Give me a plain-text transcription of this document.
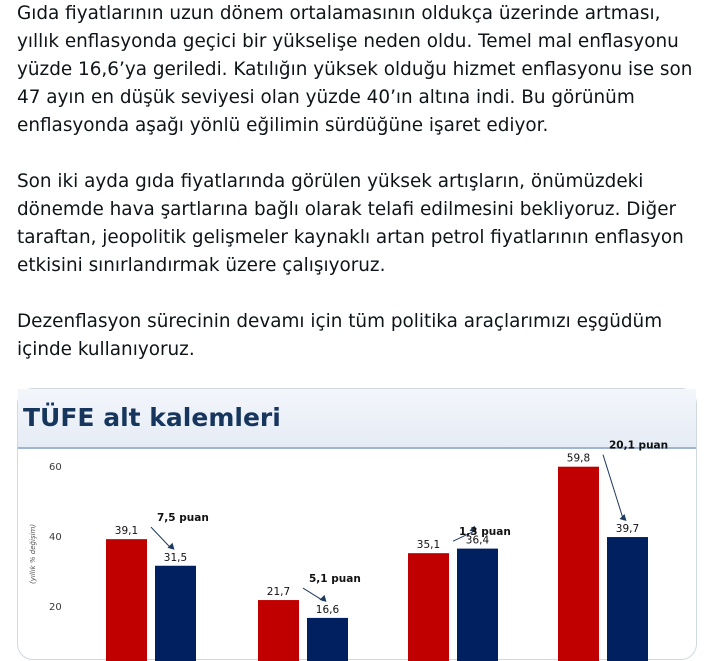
Gıda fiyatlarının uzun dönem ortalamasının oldukça üzerinde artması, yıllık enflasyonda geçici bir yükselişe neden oldu. Temel mal enflasyonu yüzde 16,6’ya geriledi. Katılığın yüksek olduğu hizmet enflasyonu ise son 47 ayın en düşük seviyesi olan yüzde 40’ın altına indi. Bu görünüm enflasyonda aşağı yönlü eğilimin sürdüğüne işaret ediyor.

Son iki ayda gıda fiyatlarında görülen yüksek artışların, önümüzdeki dönemde hava şartlarına bağlı olarak telafi edilmesini bekliyoruz. Diğer taraftan, jeopolitik gelişmeler kaynaklı artan petrol fiyatlarının enflasyon etkisini sınırlandırmak üzere çalışıyoruz.

Dezenflasyon sürecinin devamı için tüm politika araçlarımızı eşgüdüm içinde kullanıyoruz.

TÜFE alt kalemleri
60
40
20
(yıllık % değişim)	39,1
31,5
7,5 puan
21,7
16,6
5,1 puan
35,1 36,4
1,3 puan
59,8
39,7
20,1 puan
